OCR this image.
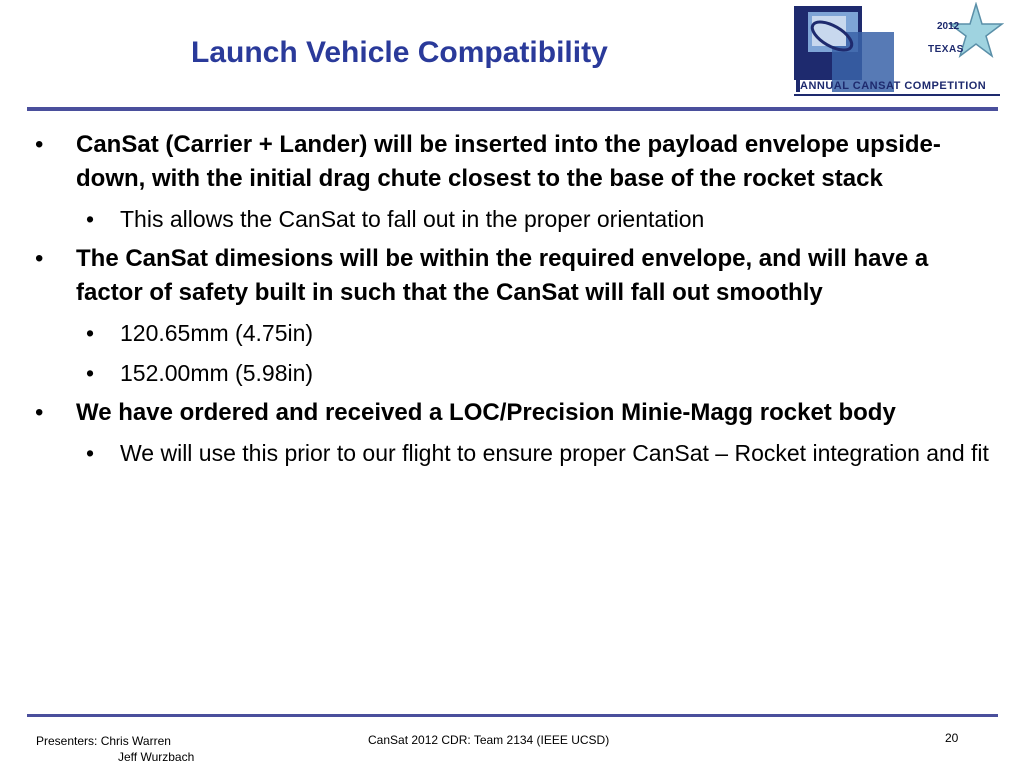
Launch Vehicle Compatibility
2012
TEXAS
ANNUAL CANSAT COMPETITION
• CanSat (Carrier + Lander) will be inserted into the payload envelope upside-down, with the initial drag chute closest to the base of the rocket stack
• This allows the CanSat to fall out in the proper orientation
• The CanSat dimesions will be within the required envelope, and will have a factor of safety built in such that the CanSat will fall out smoothly
• 120.65mm (4.75in)
• 152.00mm (5.98in)
• We have ordered and received a LOC/Precision Minie-Magg rocket body
• We will use this prior to our flight to ensure proper CanSat – Rocket integration and fit
Presenters: Chris Warren
Jeff Wurzbach
CanSat 2012 CDR: Team 2134 (IEEE UCSD)	20
